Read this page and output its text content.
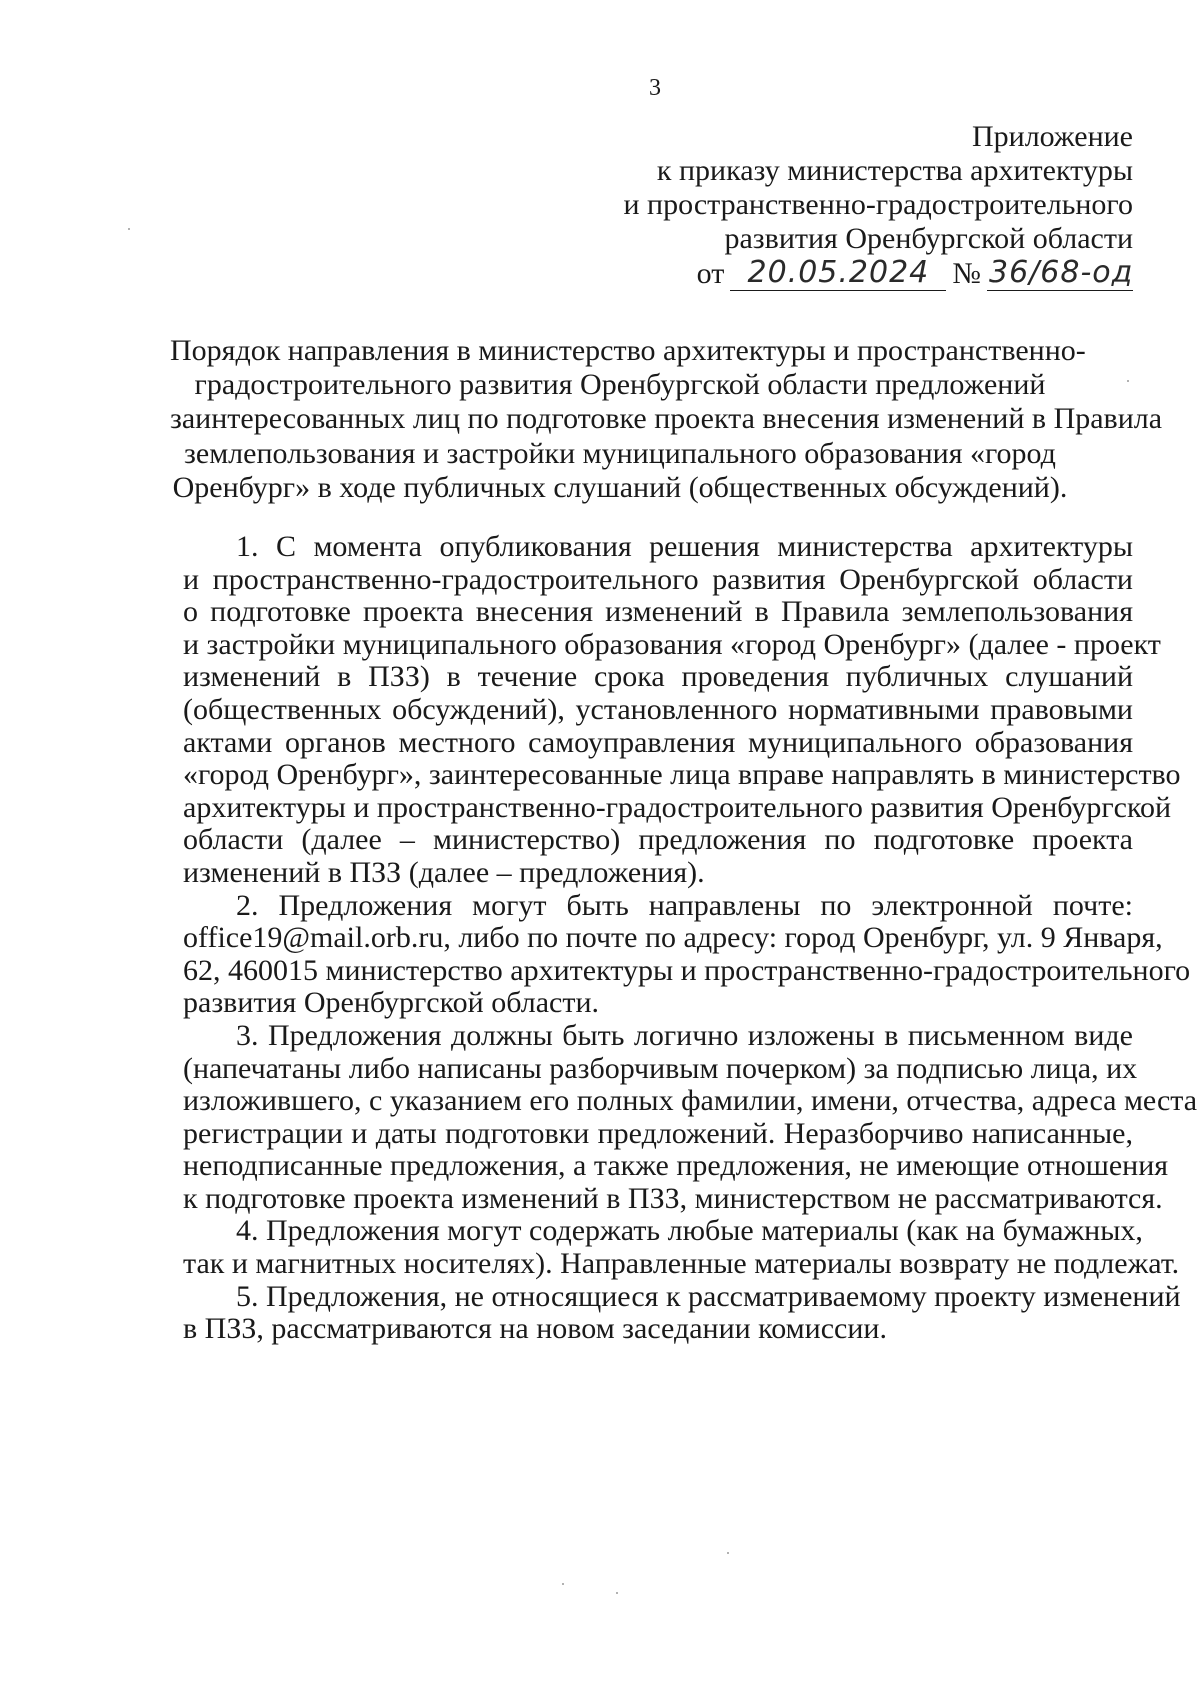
3
Приложение
к приказу министерства архитектуры
и пространственно-градостроительного
развития Оренбургской области
от 20.05.2024 № 36/68-од
Порядок направления в министерство архитектуры и пространственно-
градостроительного развития Оренбургской области предложений
заинтересованных лиц по подготовке проекта внесения изменений в Правила
землепользования и застройки муниципального образования «город
Оренбург» в ходе публичных слушаний (общественных обсуждений).
1. С момента опубликования решения министерства архитектуры
и пространственно-градостроительного развития Оренбургской области
о подготовке проекта внесения изменений в Правила землепользования
и застройки муниципального образования «город Оренбург» (далее - проект
изменений в ПЗЗ) в течение срока проведения публичных слушаний
(общественных обсуждений), установленного нормативными правовыми
актами органов местного самоуправления муниципального образования
«город Оренбург», заинтересованные лица вправе направлять в министерство
архитектуры и пространственно-градостроительного развития Оренбургской
области (далее – министерство) предложения по подготовке проекта
изменений в ПЗЗ (далее – предложения).
2. Предложения могут быть направлены по электронной почте:
office19@mail.orb.ru, либо по почте по адресу: город Оренбург, ул. 9 Января,
62, 460015 министерство архитектуры и пространственно-градостроительного
развития Оренбургской области.
3. Предложения должны быть логично изложены в письменном виде
(напечатаны либо написаны разборчивым почерком) за подписью лица, их
изложившего, с указанием его полных фамилии, имени, отчества, адреса места
регистрации и даты подготовки предложений. Неразборчиво написанные,
неподписанные предложения, а также предложения, не имеющие отношения
к подготовке проекта изменений в ПЗЗ, министерством не рассматриваются.
4. Предложения могут содержать любые материалы (как на бумажных,
так и магнитных носителях). Направленные материалы возврату не подлежат.
5. Предложения, не относящиеся к рассматриваемому проекту изменений
в ПЗЗ, рассматриваются на новом заседании комиссии.
